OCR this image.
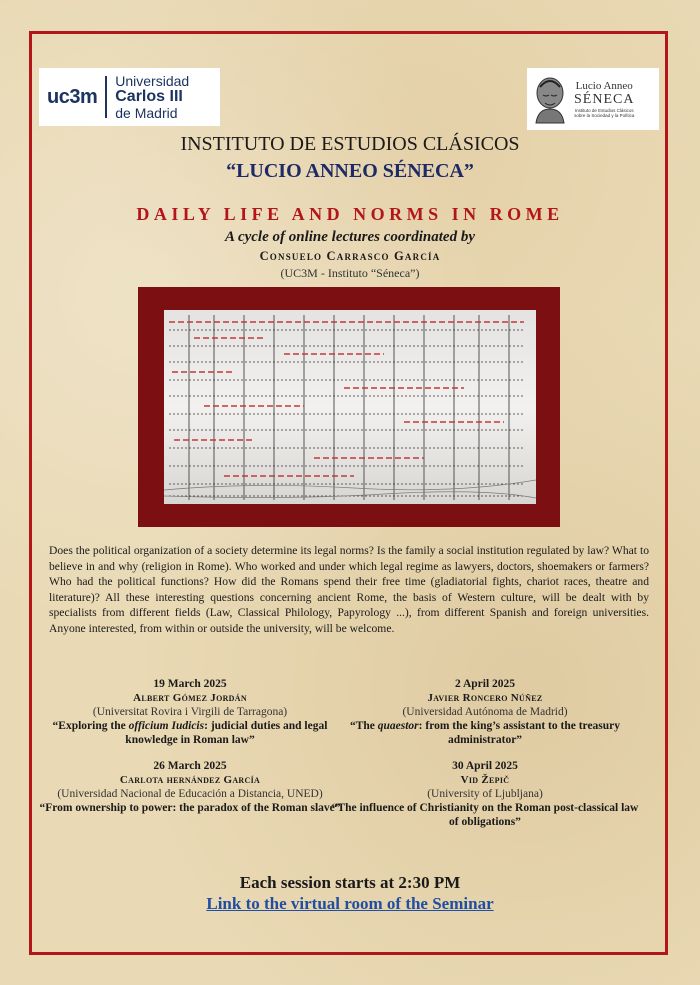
uc3m
Universidad
Carlos III
de Madrid
Lucio Anneo
SÉNECA
Instituto de Estudios Clásicos
sobre la Sociedad y la Política
INSTITUTO DE ESTUDIOS CLÁSICOS
“LUCIO ANNEO SÉNECA”
DAILY LIFE AND NORMS IN ROME
A cycle of online lectures coordinated by
Consuelo Carrasco García
(UC3M - Instituto “Séneca”)
Does the political organization of a society determine its legal norms? Is the family a social institution regulated by law? What to believe in and why (religion in Rome). Who worked and under which legal regime as lawyers, doctors, shoemakers or farmers? Who had the political functions? How did the Romans spend their free time (gladiatorial fights, chariot races, theatre and literature)? All these interesting questions concerning ancient Rome, the basis of Western culture, will be dealt with by specialists from different fields (Law, Classical Philology, Papyrology ...), from different Spanish and foreign universities. Anyone interested, from within or outside the university, will be welcome.
19 March 2025
Albert Gómez Jordán
(Universitat Rovira i Virgili de Tarragona)
“Exploring the officium Iudicis: judicial duties and legal knowledge in Roman law”
2 April 2025
Javier Roncero Núñez
(Universidad Autónoma de Madrid)
“The quaestor: from the king’s assistant to the treasury administrator”
26 March 2025
Carlota hernández García
(Universidad Nacional de Educación a Distancia, UNED)
“From ownership to power: the paradox of the Roman slave”
30 April 2025
Vid Žepič
(University of Ljubljana)
“The influence of Christianity on the Roman post-classical law of obligations”
Each session starts at 2:30 PM
Link to the virtual room of the Seminar
